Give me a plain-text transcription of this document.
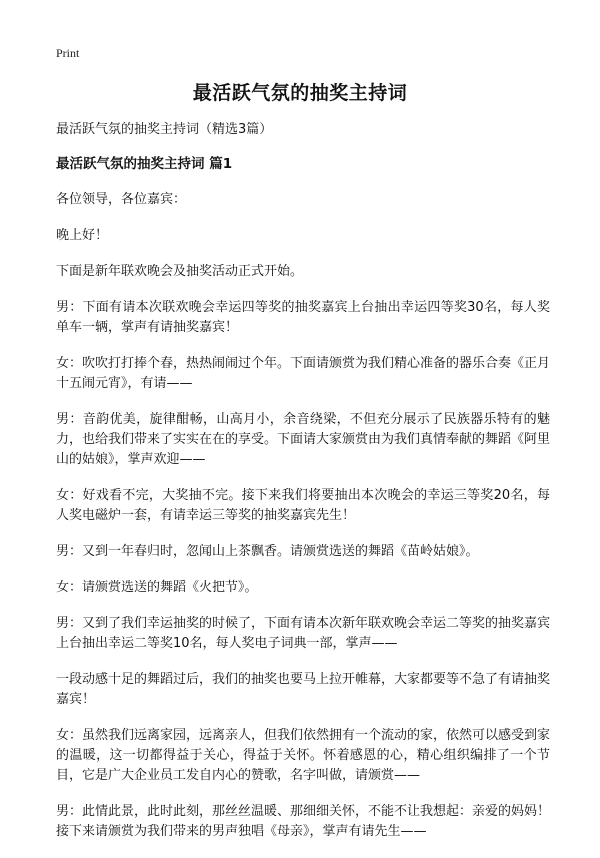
Print
最活跃气氛的抽奖主持词

最活跃气氛的抽奖主持词（精选3篇）

最活跃气氛的抽奖主持词 篇1

各位领导，各位嘉宾：

晚上好！

下面是新年联欢晚会及抽奖活动正式开始。

男：下面有请本次联欢晚会幸运四等奖的抽奖嘉宾上台抽出幸运四等奖30名，每人奖单车一辆，掌声有请抽奖嘉宾！

女：吹吹打打捧个春，热热闹闹过个年。下面请颁赏为我们精心准备的器乐合奏《正月十五闹元宵》，有请——

男：音韵优美，旋律酣畅，山高月小，余音绕梁，不但充分展示了民族器乐特有的魅力，也给我们带来了实实在在的享受。下面请大家颁赏由为我们真情奉献的舞蹈《阿里山的姑娘》，掌声欢迎——

女：好戏看不完，大奖抽不完。接下来我们将要抽出本次晚会的幸运三等奖20名，每人奖电磁炉一套，有请幸运三等奖的抽奖嘉宾先生！

男：又到一年春归时，忽闻山上茶飘香。请颁赏选送的舞蹈《苗岭姑娘》。

女：请颁赏选送的舞蹈《火把节》。

男：又到了我们幸运抽奖的时候了，下面有请本次新年联欢晚会幸运二等奖的抽奖嘉宾上台抽出幸运二等奖10名，每人奖电子词典一部，掌声——

一段动感十足的舞蹈过后，我们的抽奖也要马上拉开帷幕，大家都要等不急了有请抽奖嘉宾！

女：虽然我们远离家园，远离亲人，但我们依然拥有一个流动的家，依然可以感受到家的温暖，这一切都得益于关心，得益于关怀。怀着感恩的心，精心组织编排了一个节目，它是广大企业员工发自内心的赞歌，名字叫做，请颁赏——

男：此情此景，此时此刻，那丝丝温暖、那细细关怀，不能不让我想起：亲爱的妈妈！接下来请颁赏为我们带来的男声独唱《母亲》，掌声有请先生——
